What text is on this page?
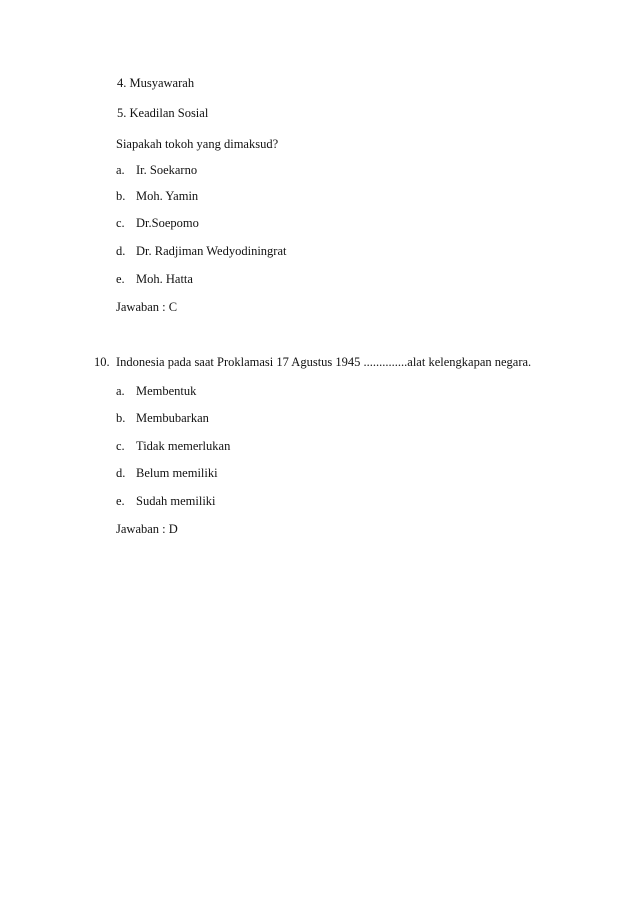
4. Musyawarah
5. Keadilan Sosial
Siapakah tokoh yang dimaksud?
a. Ir. Soekarno
b. Moh. Yamin
c. Dr.Soepomo
d. Dr. Radjiman Wedyodiningrat
e. Moh. Hatta
Jawaban : C
10. Indonesia pada saat Proklamasi 17 Agustus 1945 ..............alat kelengkapan negara.
a. Membentuk
b. Membubarkan
c. Tidak memerlukan
d. Belum memiliki
e. Sudah memiliki
Jawaban : D
